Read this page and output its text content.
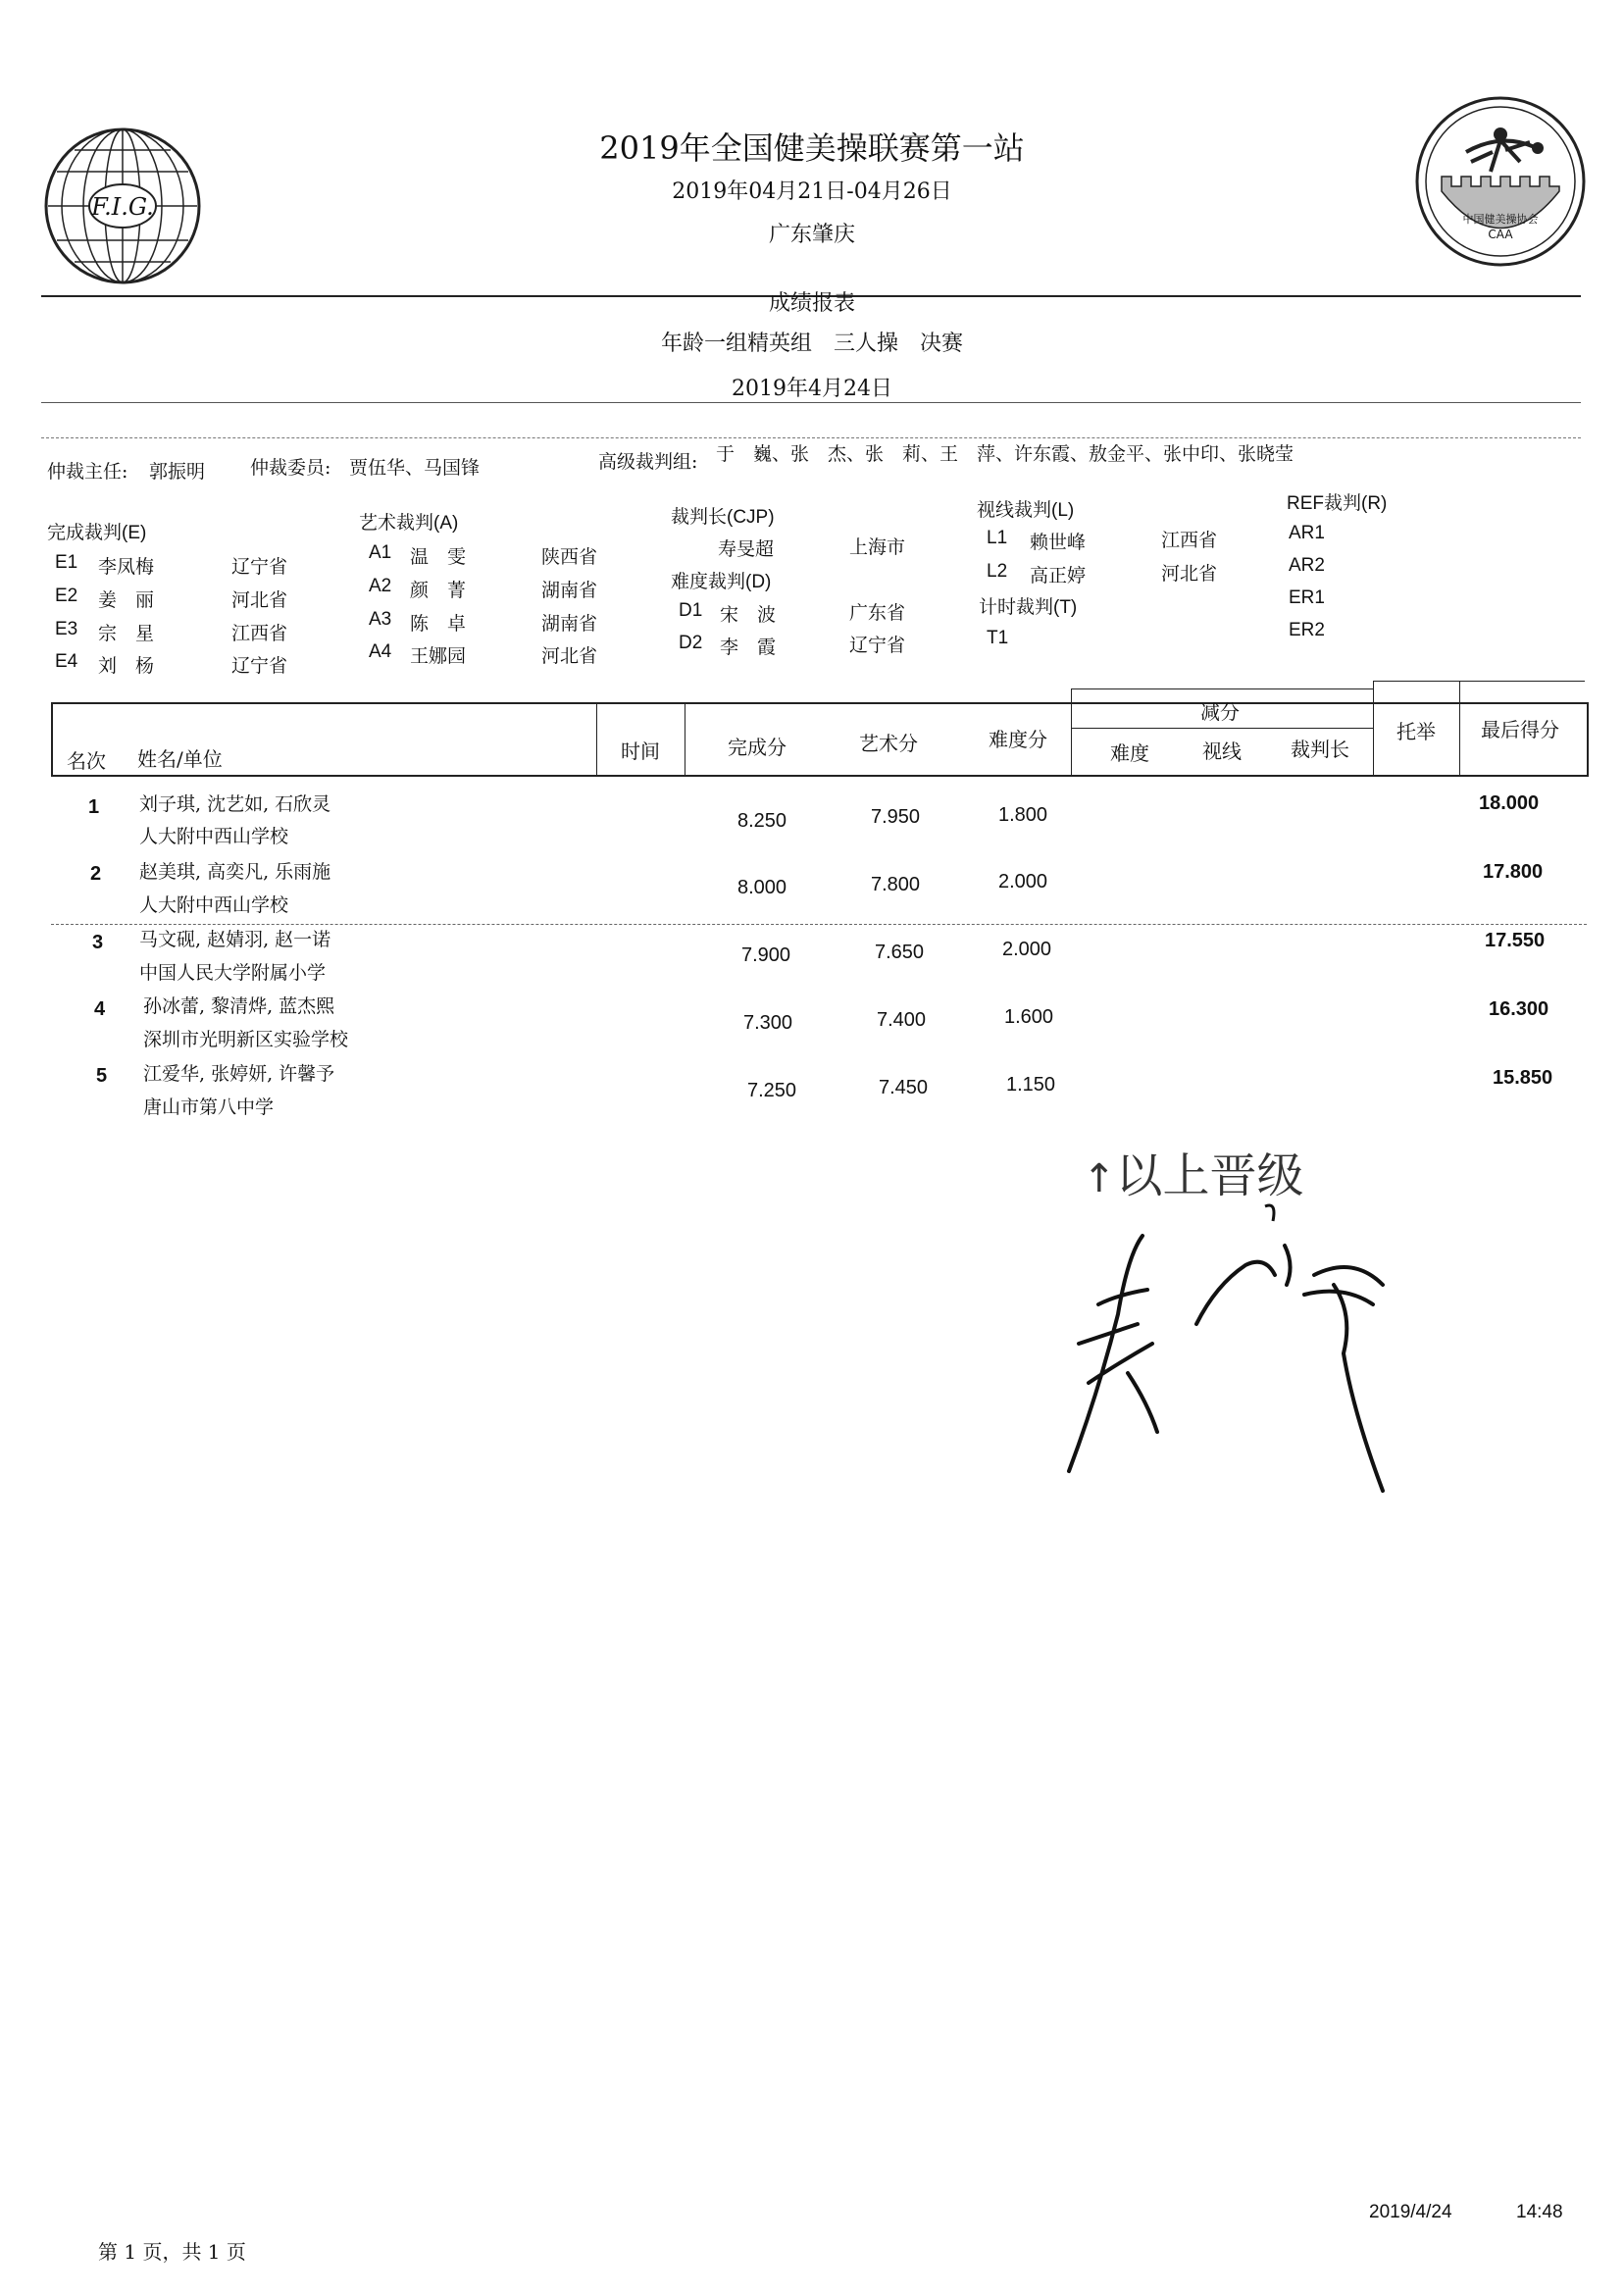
F.I.G.	中国健美操协会
CAA
2019年全国健美操联赛第一站
2019年04月21日-04月26日
广东肇庆
成绩报表
年龄一组精英组　三人操　决赛
2019年4月24日
仲裁主任: 郭振明 仲裁委员: 贾伍华、马国锋	高级裁判组: 于　巍、张　杰、张　莉、王　萍、许东霞、敖金平、张中印、张晓莹
完成裁判(E)
E1 李凤梅	辽宁省
E2 姜　丽	河北省
E3 宗　星	江西省
E4 刘　杨	辽宁省
艺术裁判(A)
A1 温　雯	陕西省
A2 颜　菁	湖南省
A3 陈　卓	湖南省
A4 王娜园	河北省
裁判长(CJP)
寿旻超	上海市
难度裁判(D)
D1 宋　波	广东省
D2 李　霞	辽宁省
视线裁判(L)
L1 赖世峰	江西省
L2 高正婷	河北省
计时裁判(T)
T1
REF裁判(R)
AR1
AR2
ER1
ER2
名次 姓名/单位	时间	完成分	艺术分	难度分
减分
难度	视线	裁判长
托举 最后得分
1 刘子琪, 沈艺如, 石欣灵
人大附中西山学校
8.250	7.950	1.800
18.000
2 赵美琪, 高奕凡, 乐雨施
人大附中西山学校
8.000	7.800	2.000	17.800
3 马文砚, 赵婧羽, 赵一诺
中国人民大学附属小学
7.900	7.650	2.000	17.550
4 孙冰蕾, 黎清烨, 蓝杰熙
深圳市光明新区实验学校
7.300	7.400	1.600	16.300
5 江爱华, 张婷妍, 许馨予
唐山市第八中学
7.250	7.450	1.150	15.850
↑以上晋级
第 1 页，共 1 页
2019/4/24	14:48
